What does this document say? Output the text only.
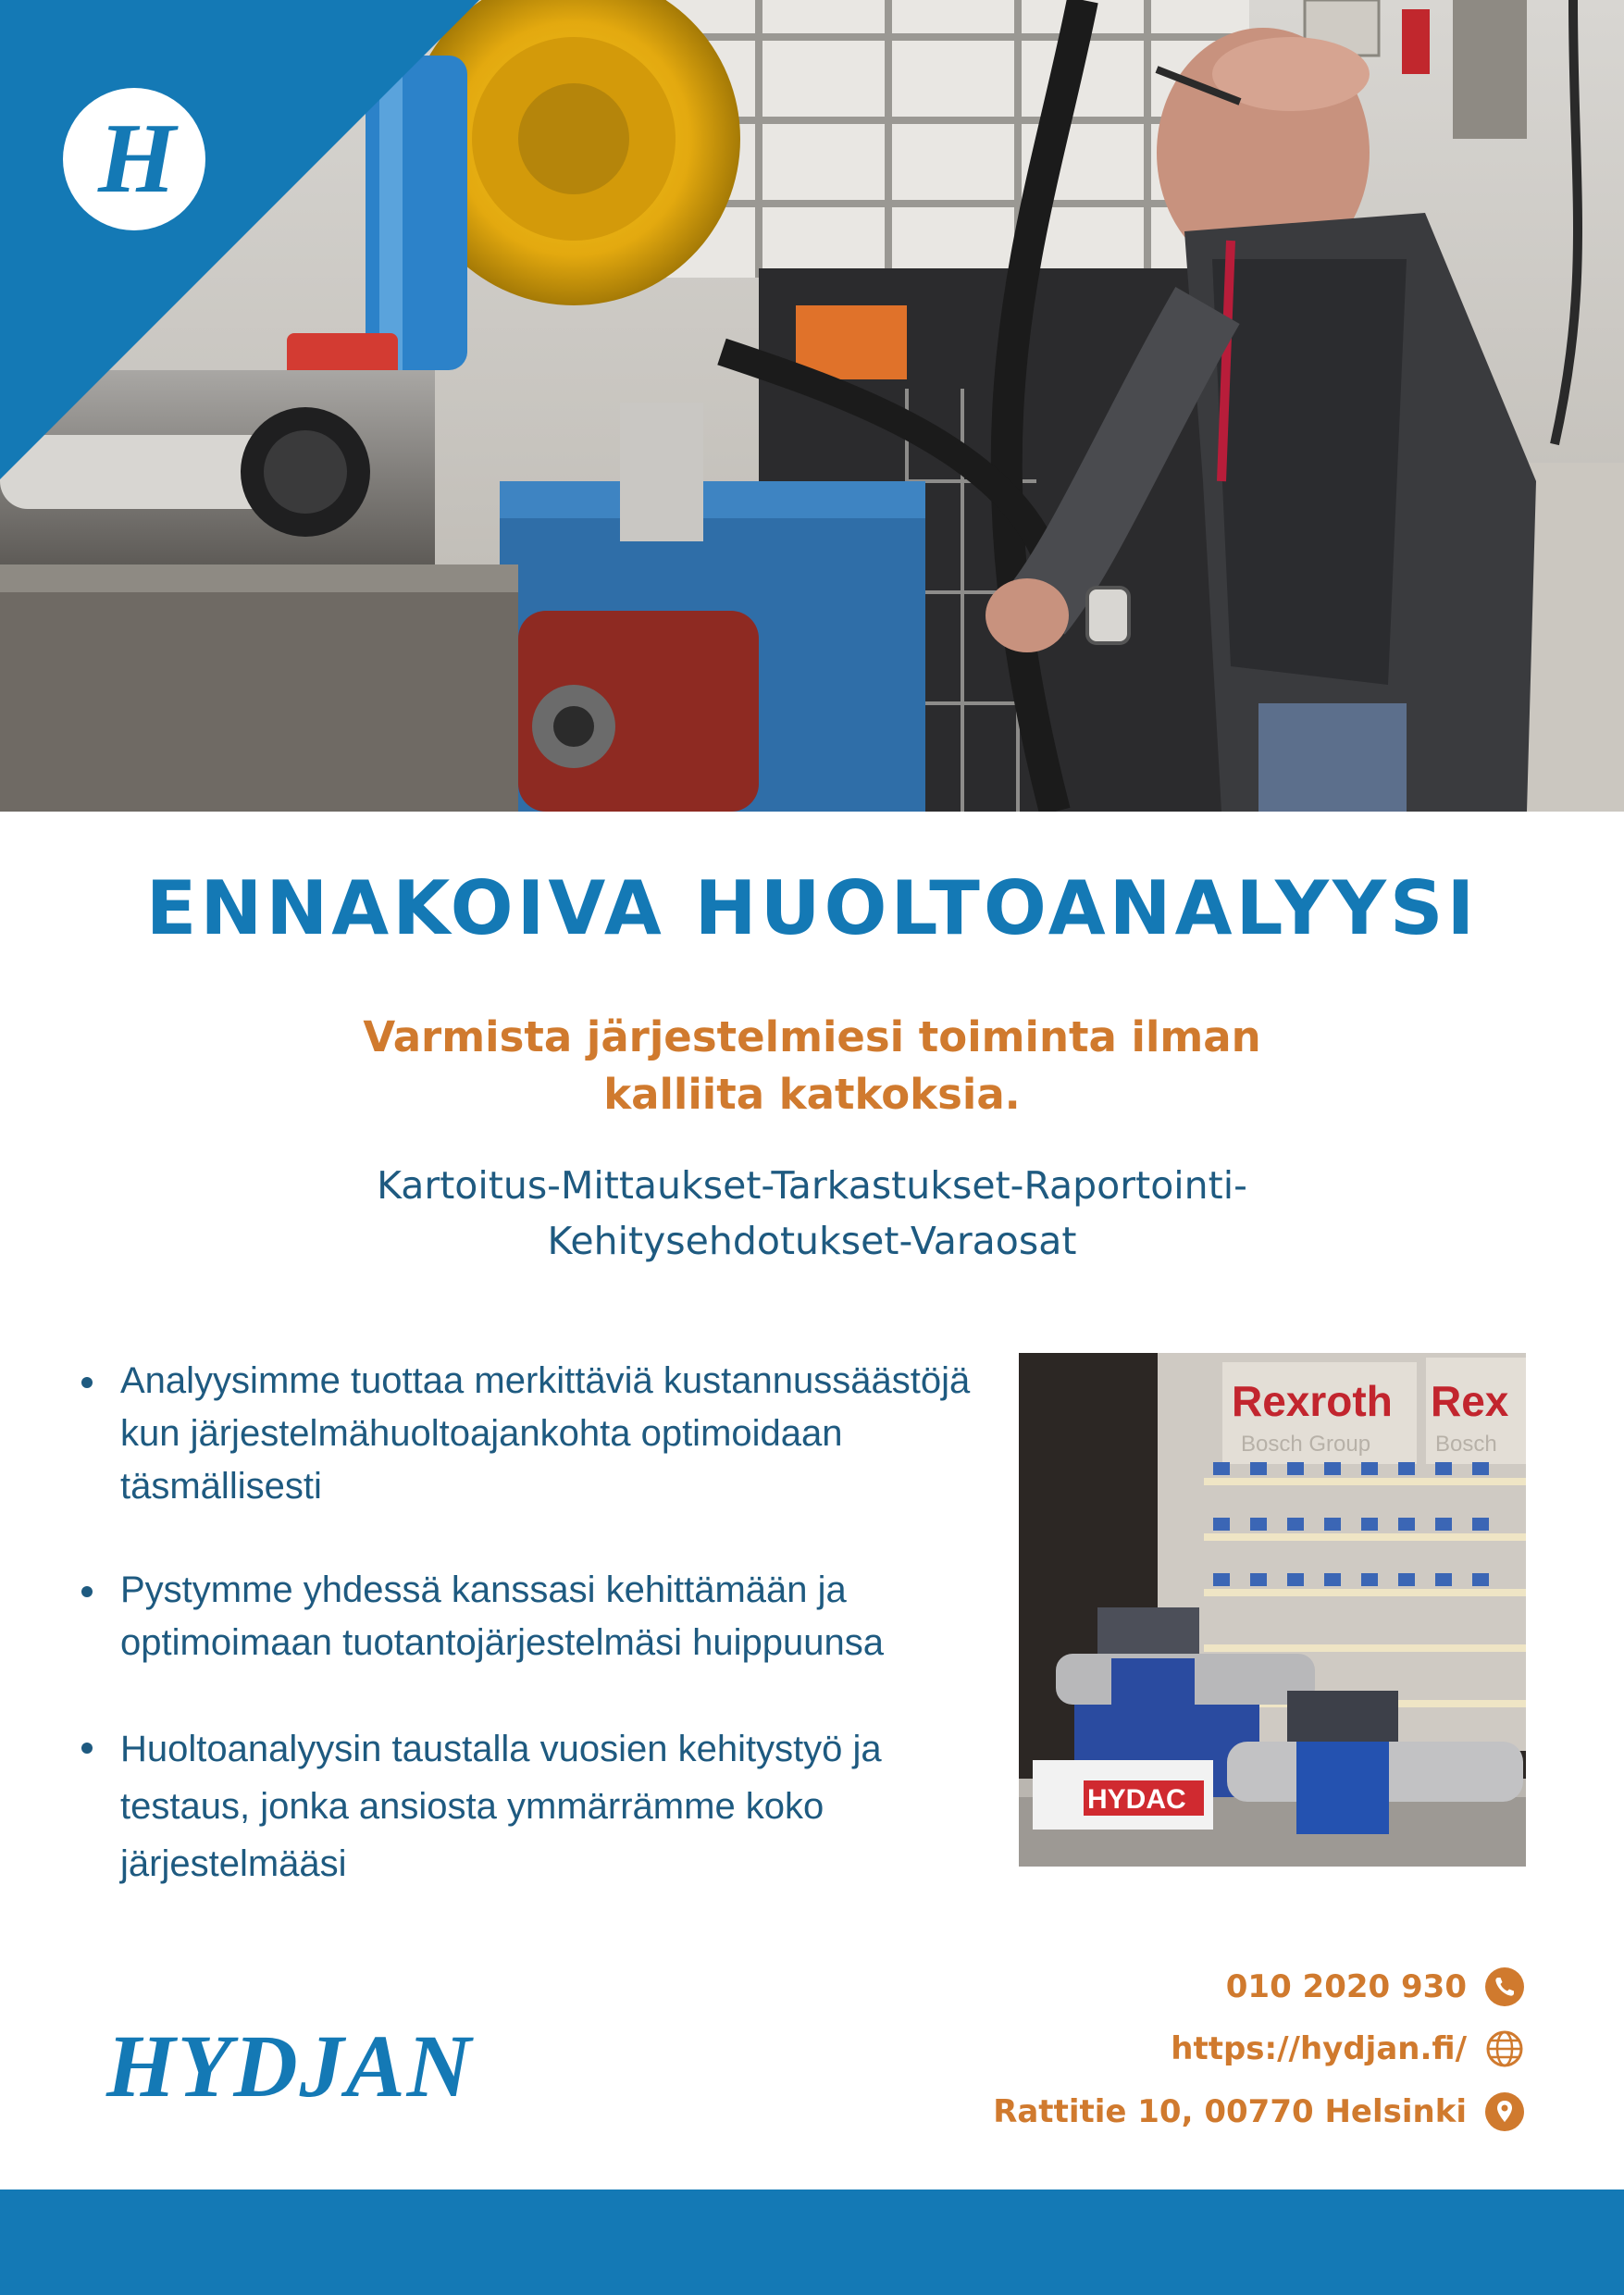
H
ENNAKOIVA HUOLTOANALYYSI
Varmista järjestelmiesi toiminta ilman
kalliita katkoksia.
Kartoitus-Mittaukset-Tarkastukset-Raportointi-
Kehitysehdotukset-Varaosat
Analyysimme tuottaa merkittäviä kustannussäästöjä kun järjestelmähuoltoajankohta optimoidaan täsmällisesti
Pystymme yhdessä kanssasi kehittämään ja optimoimaan tuotantojärjestelmäsi huippuunsa
Huoltoanalyysin taustalla vuosien kehitystyö ja testaus, jonka ansiosta ymmärrämme koko järjestelmääsi
Rexroth
Bosch Group
Rex
Bosch
HYDAC
HYDJAN
010 2020 930
https://hydjan.fi/
Rattitie 10, 00770 Helsinki
